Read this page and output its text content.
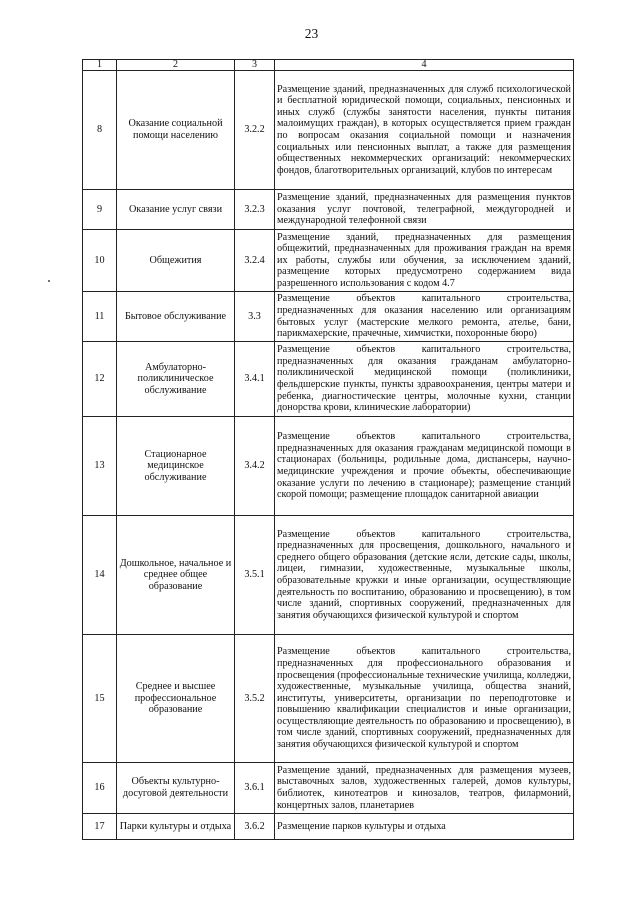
23
1	2	3	4
8	Оказание социальной помощи населению	3.2.2	Размещение зданий, предназначенных для служб психологической и бесплатной юридической помощи, социальных, пенсионных и иных служб (службы занятости населения, пункты питания малоимущих граждан), в которых осуществляется прием граждан по вопросам оказания социальной помощи и назначения социальных или пенсионных выплат, а также для размещения общественных некоммерческих организаций: некоммерческих фондов, благотворительных организаций, клубов по интересам
9	Оказание услуг связи	3.2.3	Размещение зданий, предназначенных для размещения пунктов оказания услуг почтовой, телеграфной, междугородней и международной телефонной связи
10	Общежития	3.2.4	Размещение зданий, предназначенных для размещения общежитий, предназначенных для проживания граждан на время их работы, службы или обучения, за исключением зданий, размещение которых предусмотрено содержанием вида разрешенного использования с кодом 4.7
11	Бытовое обслуживание	3.3	Размещение объектов капитального строительства, предназначенных для оказания населению или организациям бытовых услуг (мастерские мелкого ремонта, ателье, бани, парикмахерские, прачечные, химчистки, похоронные бюро)
12	Амбулаторно-поликлиническое обслуживание	3.4.1	Размещение объектов капитального строительства, предназначенных для оказания гражданам амбулаторно-поликлинической медицинской помощи (поликлиники, фельдшерские пункты, пункты здравоохранения, центры матери и ребенка, диагностические центры, молочные кухни, станции донорства крови, клинические лаборатории)
13	Стационарное медицинское обслуживание	3.4.2	Размещение объектов капитального строительства, предназначенных для оказания гражданам медицинской помощи в стационарах (больницы, родильные дома, диспансеры, научно-медицинские учреждения и прочие объекты, обеспечивающие оказание услуги по лечению в стационаре); размещение станций скорой помощи; размещение площадок санитарной авиации
14	Дошкольное, начальное и среднее общее образование	3.5.1	Размещение объектов капитального строительства, предназначенных для просвещения, дошкольного, начального и среднего общего образования (детские ясли, детские сады, школы, лицеи, гимназии, художественные, музыкальные школы, образовательные кружки и иные организации, осуществляющие деятельность по воспитанию, образованию и просвещению), в том числе зданий, спортивных сооружений, предназначенных для занятия обучающихся физической культурой и спортом
15	Среднее и высшее профессиональное образование	3.5.2	Размещение объектов капитального строительства, предназначенных для профессионального образования и просвещения (профессиональные технические училища, колледжи, художественные, музыкальные училища, общества знаний, институты, университеты, организации по переподготовке и повышению квалификации специалистов и иные организации, осуществляющие деятельность по образованию и просвещению), в том числе зданий, спортивных сооружений, предназначенных для занятия обучающихся физической культурой и спортом
16	Объекты культурно-досуговой деятельности	3.6.1	Размещение зданий, предназначенных для размещения музеев, выставочных залов, художественных галерей, домов культуры, библиотек, кинотеатров и кинозалов, театров, филармоний, концертных залов, планетариев
17	Парки культуры и отдыха	3.6.2	Размещение парков культуры и отдыха
